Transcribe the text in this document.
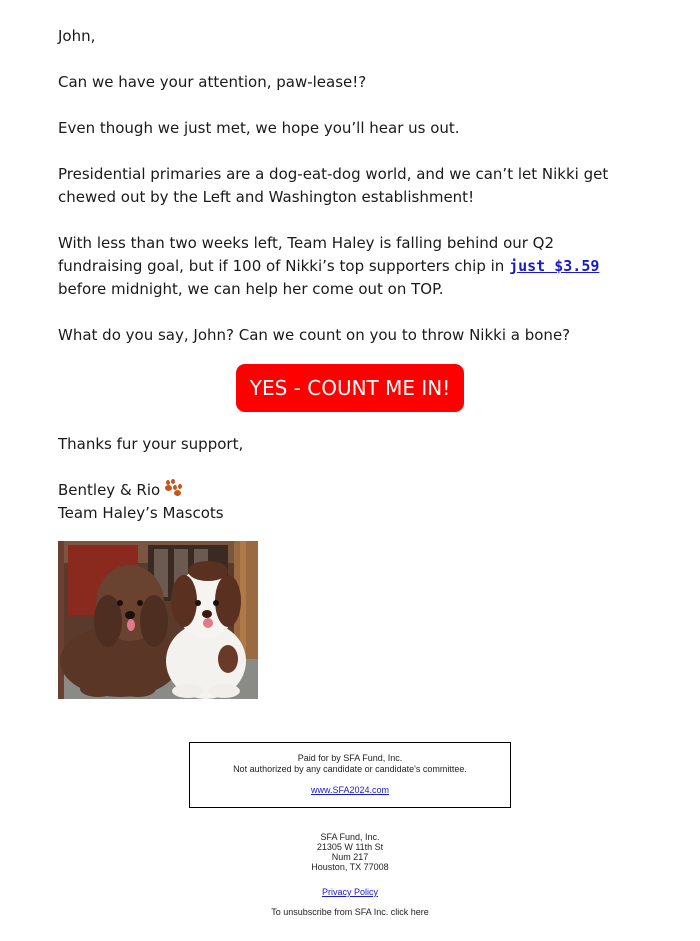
John,

Can we have your attention, paw-lease!?

Even though we just met, we hope you’ll hear us out.

Presidential primaries are a dog-eat-dog world, and we can’t let Nikki get
chewed out by the Left and Washington establishment!
With less than two weeks left, Team Haley is falling behind our Q2
fundraising goal, but if 100 of Nikki’s top supporters chip in just $3.59
before midnight, we can help her come out on TOP.

What do you say, John? Can we count on you to throw Nikki a bone?

YES - COUNT ME IN!

Thanks fur your support,

Bentley & Rio
Team Haley’s Mascots
Paid for by SFA Fund, Inc.
Not authorized by any candidate or candidate's committee.
www.SFA2024.com
SFA Fund, Inc.
21305 W 11th St
Num 217
Houston, TX 77008
Privacy Policy
To unsubscribe from SFA Inc. click here
